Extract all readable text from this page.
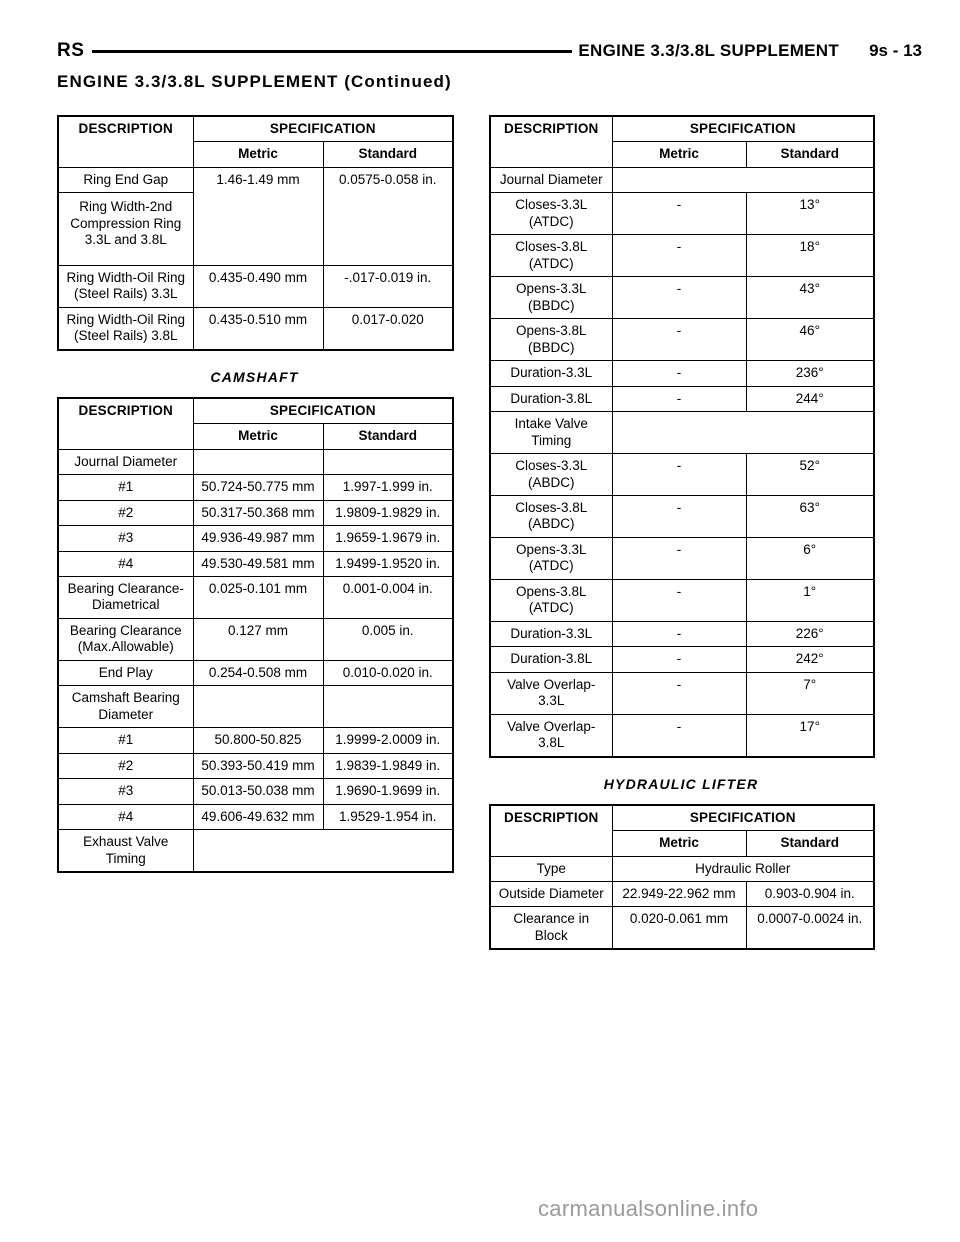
RS	ENGINE 3.3/3.8L SUPPLEMENT 9s - 13
ENGINE 3.3/3.8L SUPPLEMENT (Continued)
DESCRIPTION	SPECIFICATION	
	Metric	Standard
Ring End Gap	1.46-1.49 mm	0.0575-0.058 in.
Ring Width-2nd Compression Ring 3.3L and 3.8L		
Ring Width-Oil Ring (Steel Rails) 3.3L	0.435-0.490 mm	-.017-0.019 in.
Ring Width-Oil Ring (Steel Rails) 3.8L	0.435-0.510 mm	0.017-0.020
CAMSHAFT
DESCRIPTION	SPECIFICATION	
	Metric	Standard
Journal Diameter		
#1	50.724-50.775 mm	1.997-1.999 in.
#2	50.317-50.368 mm	1.9809-1.9829 in.
#3	49.936-49.987 mm	1.9659-1.9679 in.
#4	49.530-49.581 mm	1.9499-1.9520 in.
Bearing Clearance-Diametrical	0.025-0.101 mm	0.001-0.004 in.
Bearing Clearance (Max.Allowable)	0.127 mm	0.005 in.
End Play	0.254-0.508 mm	0.010-0.020 in.
Camshaft Bearing Diameter		
#1	50.800-50.825	1.9999-2.0009 in.
#2	50.393-50.419 mm	1.9839-1.9849 in.
#3	50.013-50.038 mm	1.9690-1.9699 in.
#4	49.606-49.632 mm	1.9529-1.954 in.
Exhaust Valve Timing		
DESCRIPTION	SPECIFICATION	
	Metric	Standard
Journal Diameter		
Closes-3.3L (ATDC)	-	13°
Closes-3.8L (ATDC)	-	18°
Opens-3.3L (BBDC)	-	43°
Opens-3.8L (BBDC)	-	46°
Duration-3.3L	-	236°
Duration-3.8L	-	244°
Intake Valve Timing		
Closes-3.3L (ABDC)	-	52°
Closes-3.8L (ABDC)	-	63°
Opens-3.3L (ATDC)	-	6°
Opens-3.8L (ATDC)	-	1°
Duration-3.3L	-	226°
Duration-3.8L	-	242°
Valve Overlap-3.3L	-	7°
Valve Overlap-3.8L	-	17°
HYDRAULIC LIFTER
DESCRIPTION	SPECIFICATION	
	Metric	Standard
Type	Hydraulic Roller	
Outside Diameter	22.949-22.962 mm	0.903-0.904 in.
Clearance in Block	0.020-0.061 mm	0.0007-0.0024 in.
carmanualsonline.info
